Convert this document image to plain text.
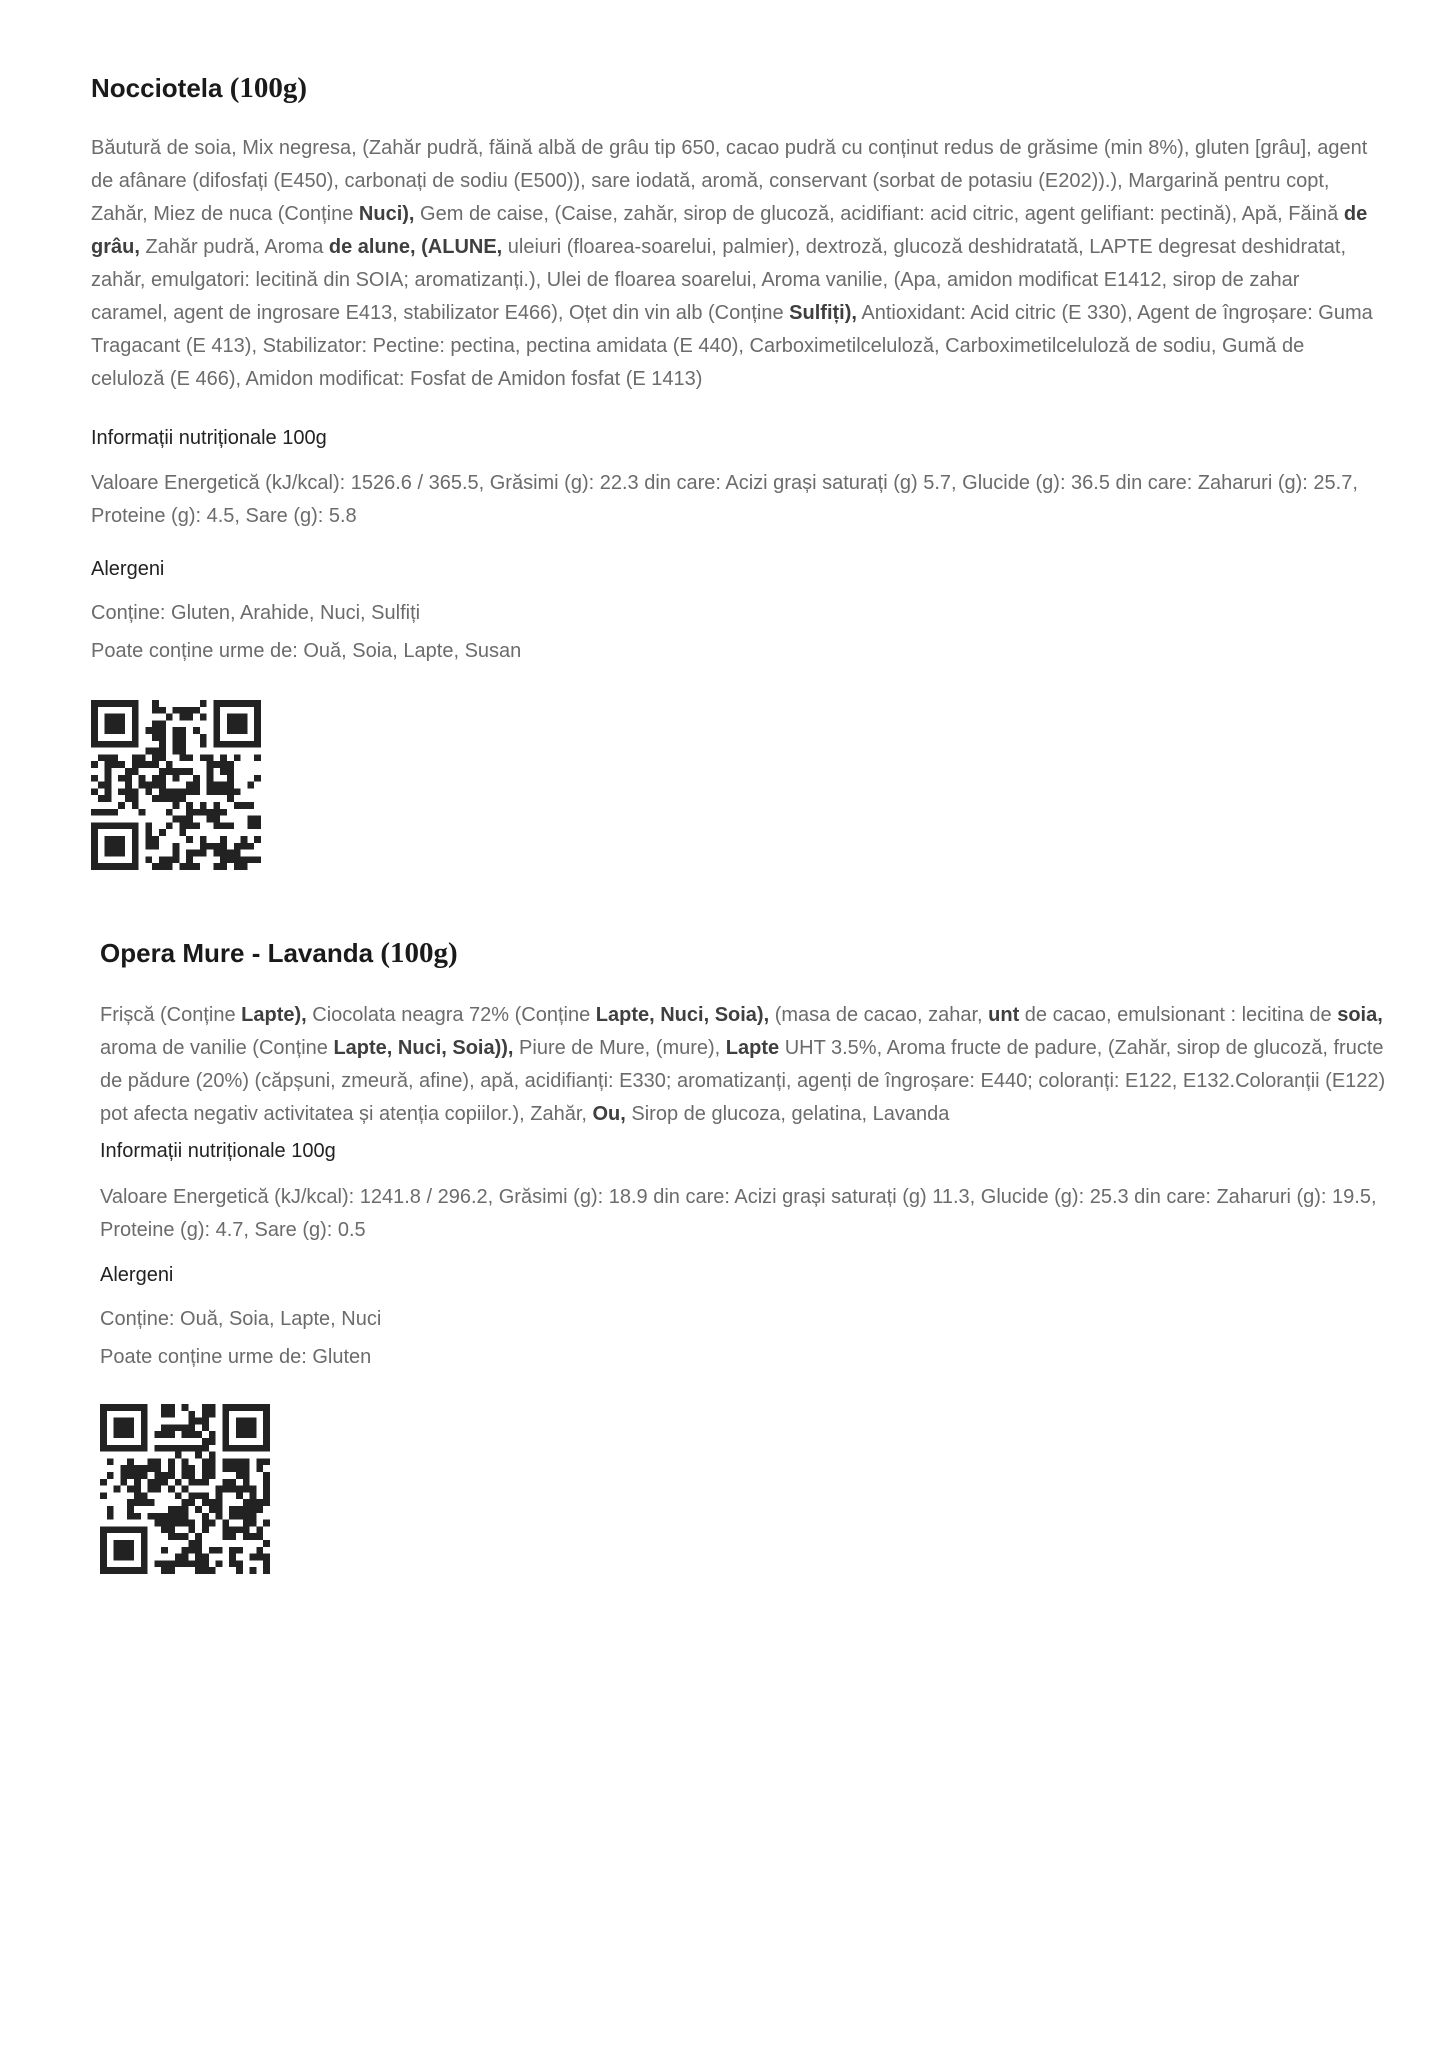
Nocciotela (100g)

Băutură de soia, Mix negresa, (Zahăr pudră, făină albă de grâu tip 650, cacao pudră cu conținut redus de grăsime (min 8%), gluten [grâu], agent de afânare (difosfați (E450), carbonați de sodiu (E500)), sare iodată, aromă, conservant (sorbat de potasiu (E202)).), Margarină pentru copt, Zahăr, Miez de nuca (Conține Nuci), Gem de caise, (Caise, zahăr, sirop de glucoză, acidifiant: acid citric, agent gelifiant: pectină), Apă, Făină de grâu, Zahăr pudră, Aroma de alune, (ALUNE, uleiuri (floarea-soarelui, palmier), dextroză, glucoză deshidratată, LAPTE degresat deshidratat, zahăr, emulgatori: lecitină din SOIA; aromatizanți.), Ulei de floarea soarelui, Aroma vanilie, (Apa, amidon modificat E1412, sirop de zahar caramel, agent de ingrosare E413, stabilizator E466), Oțet din vin alb (Conține Sulfiți), Antioxidant: Acid citric (E 330), Agent de îngroșare: Guma Tragacant (E 413), Stabilizator: Pectine: pectina, pectina amidata (E 440), Carboximetilceluloză, Carboximetilceluloză de sodiu, Gumă de celuloză (E 466), Amidon modificat: Fosfat de Amidon fosfat (E 1413)

Informații nutriționale 100g

Valoare Energetică (kJ/kcal): 1526.6 / 365.5, Grăsimi (g): 22.3 din care: Acizi grași saturați (g) 5.7, Glucide (g): 36.5 din care: Zaharuri (g): 25.7, Proteine (g): 4.5, Sare (g): 5.8

Alergeni

Conține: Gluten, Arahide, Nuci, Sulfiți

Poate conține urme de: Ouă, Soia, Lapte, Susan

Opera Mure - Lavanda (100g)

Frișcă (Conține Lapte), Ciocolata neagra 72% (Conține Lapte, Nuci, Soia), (masa de cacao, zahar, unt de cacao, emulsionant : lecitina de soia, aroma de vanilie (Conține Lapte, Nuci, Soia)), Piure de Mure, (mure), Lapte UHT 3.5%, Aroma fructe de padure, (Zahăr, sirop de glucoză, fructe de pădure (20%) (căpșuni, zmeură, afine), apă, acidifianți: E330; aromatizanți, agenți de îngroșare: E440; coloranți: E122, E132.Coloranții (E122) pot afecta negativ activitatea și atenția copiilor.), Zahăr, Ou, Sirop de glucoza, gelatina, Lavanda

Informații nutriționale 100g

Valoare Energetică (kJ/kcal): 1241.8 / 296.2, Grăsimi (g): 18.9 din care: Acizi grași saturați (g) 11.3, Glucide (g): 25.3 din care: Zaharuri (g): 19.5, Proteine (g): 4.7, Sare (g): 0.5

Alergeni

Conține: Ouă, Soia, Lapte, Nuci

Poate conține urme de: Gluten
